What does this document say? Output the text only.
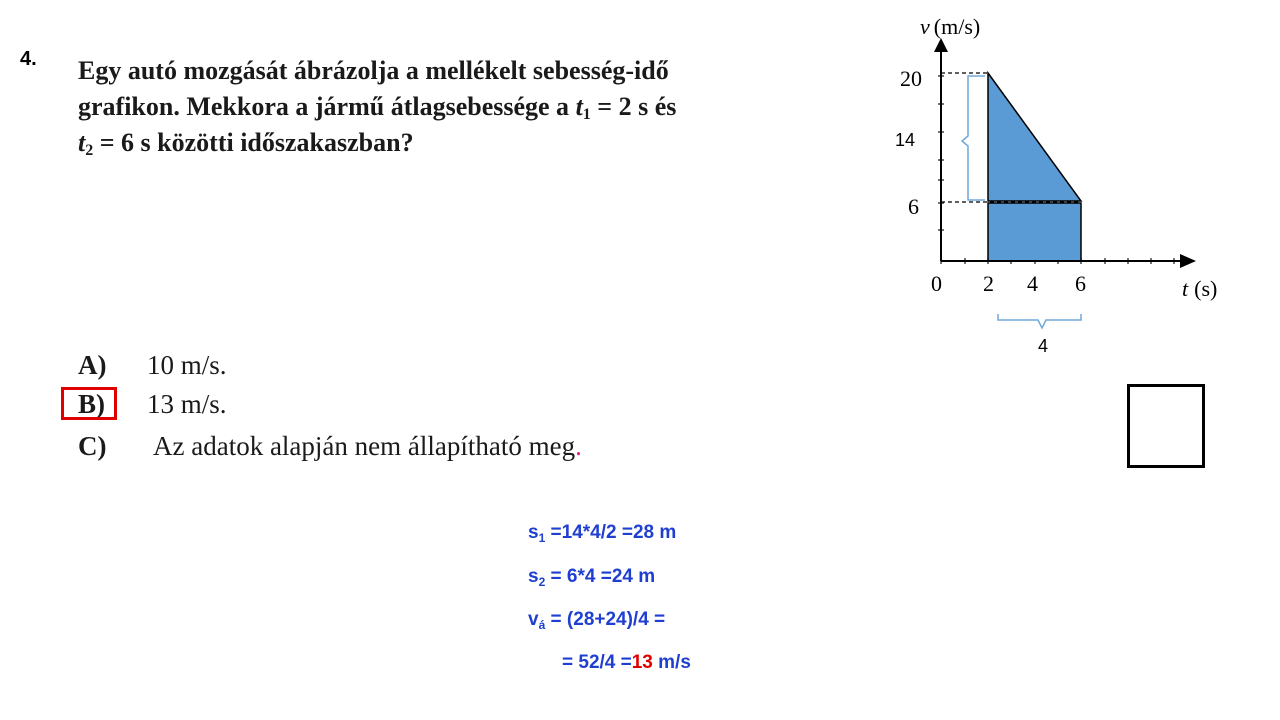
4. Egy autó mozgását ábrázolja a mellékelt sebesség-idő
grafikon. Mekkora a jármű átlagsebessége a $t_1 = 2$ s és
$t_2 = 6$ s közötti időszakaszban?
A) 10 m/s.
B) 13 m/s.
C) Az adatok alapján nem állapítható meg.
v (m/s)
t (s)
20
6
0 2 4 6
14
4
$s_1 =14*4/2 =28$ m
$s_2 = 6*4 =24$ m
$v_á = (28+24)/4$ =
= 52/4 =13 m/s
